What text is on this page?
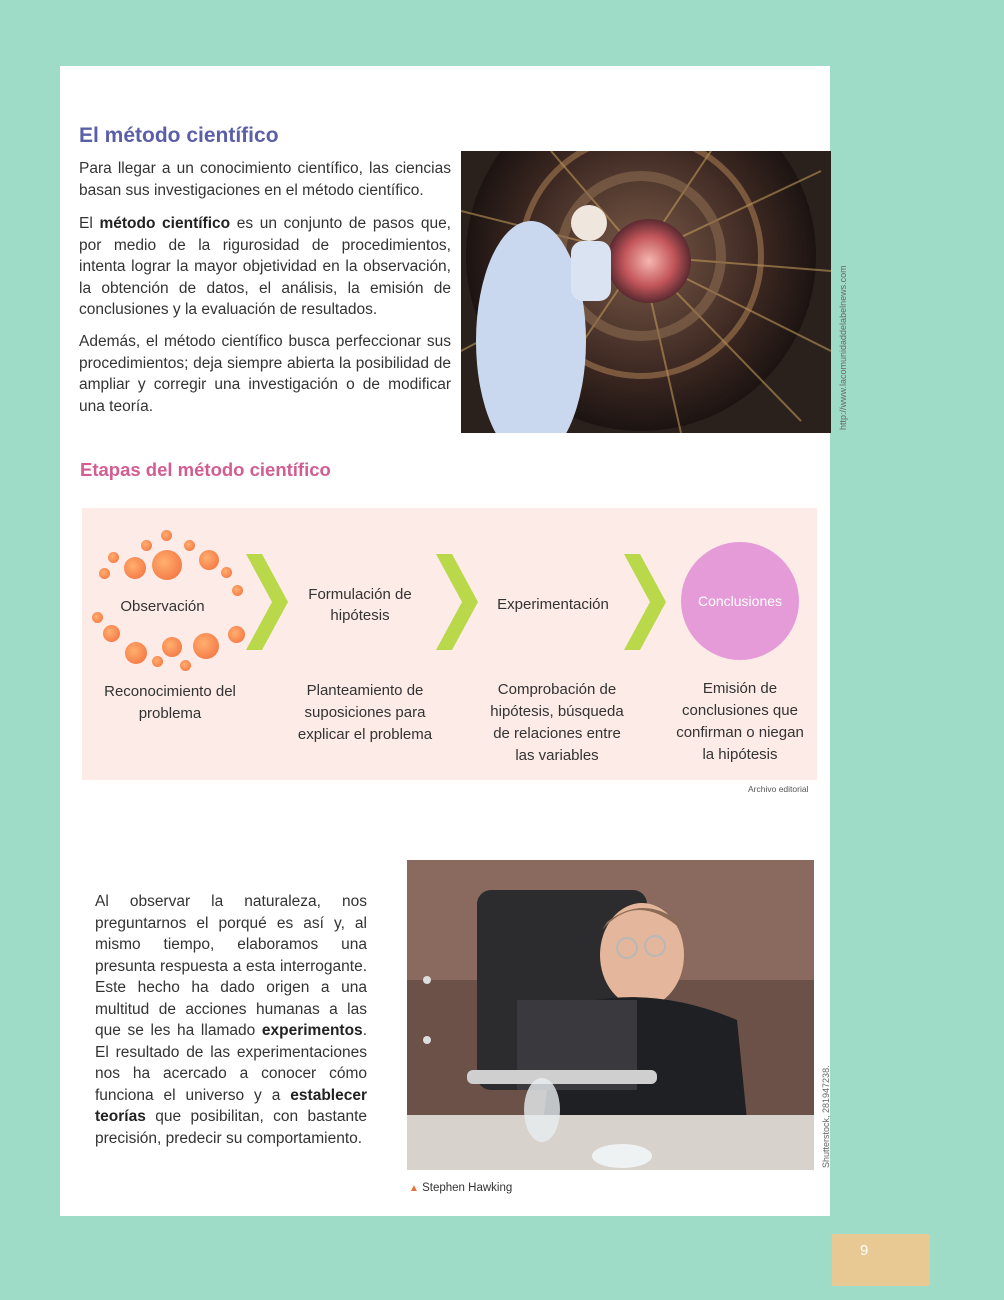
El método científico

Para llegar a un conocimiento científico, las ciencias basan sus investigaciones en el método científico.

El método científico es un conjunto de pasos que, por medio de la rigurosidad de procedimientos, intenta lograr la mayor objetividad en la observación, la obtención de datos, el análisis, la emisión de conclusiones y la evaluación de resultados.

Además, el método científico busca perfeccionar sus procedimientos; deja siempre abierta la posibilidad de ampliar y corregir una investigación o de modificar una teoría.	http://www.lacomunidaddelabelnews.com
Etapas del método científico
Observación
Formulación de hipótesis
Experimentación	Conclusiones
Reconocimiento del problema
Planteamiento de suposiciones para explicar el problema
Comprobación de hipótesis, búsqueda de relaciones entre las variables
Emisión de conclusiones que confirman o niegan la hipótesis
Archivo editorial

Al observar la naturaleza, nos preguntarnos el porqué es así y, al mismo tiempo, elaboramos una presunta respuesta a esta interrogante. Este hecho ha dado origen a una multitud de acciones humanas a las que se les ha llamado experimentos. El resultado de las experimentaciones nos ha acercado a conocer cómo funciona el universo y a establecer teorías que posibilitan, con bastante precisión, predecir su comportamiento.

▲ Stephen Hawking
Shutterstock, 281947238.
9
